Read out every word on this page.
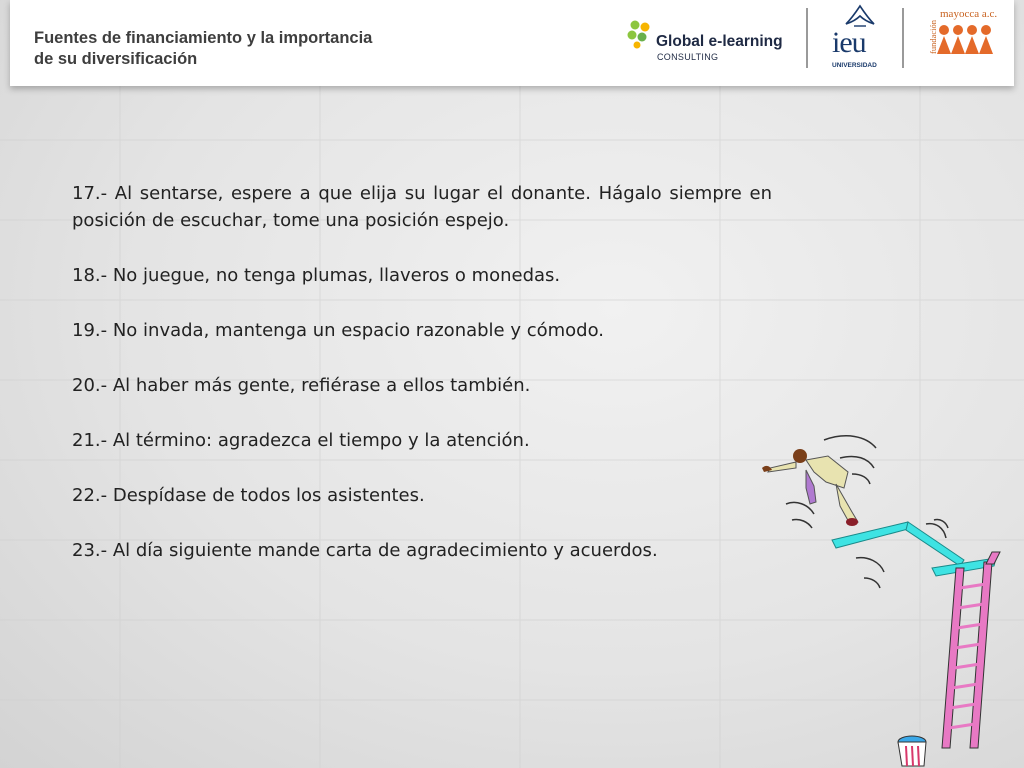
Fuentes de financiamiento y la importancia
de su diversificación
Global e-learning
CONSULTING	ieu
UNIVERSIDAD
fundación
mayocca a.c.

17.- Al sentarse, espere a que elija su lugar el donante. Hágalo siempre en posición de escuchar, tome una posición espejo.

18.- No juegue, no tenga plumas, llaveros o monedas.

19.- No invada, mantenga un espacio razonable y cómodo.

20.- Al haber más gente, refiérase a ellos también.

21.- Al término: agradezca el tiempo y la atención.

22.- Despídase de todos los asistentes.

23.- Al día siguiente mande carta de agradecimiento y acuerdos.
